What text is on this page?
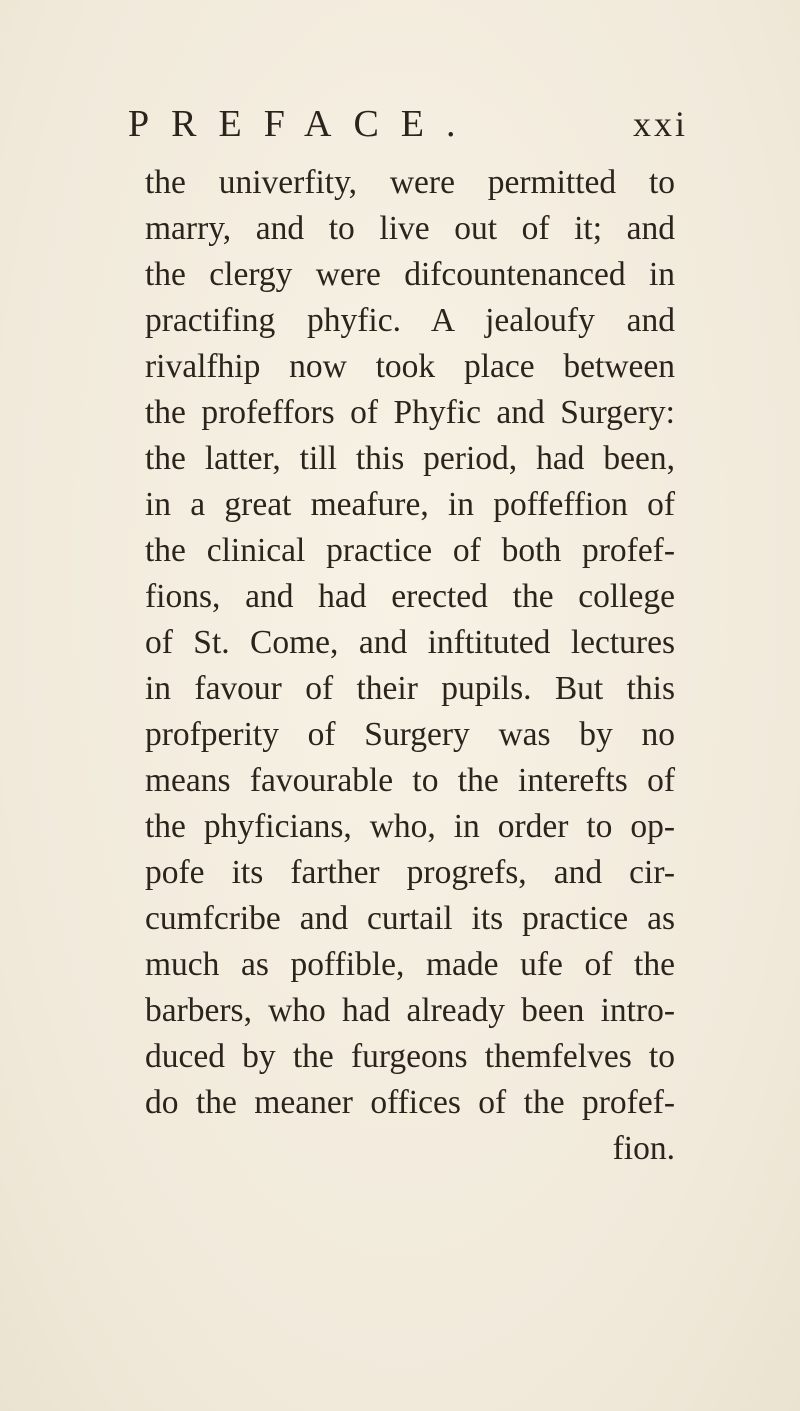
PREFACE.	xxi
the univerfity, were permitted to
marry, and to live out of it; and
the clergy were difcountenanced in
practifing phyfic. A jealoufy and
rivalfhip now took place between
the profeffors of Phyfic and Surgery:
the latter, till this period, had been,
in a great meafure, in poffeffion of
the clinical practice of both profef-
fions, and had erected the college
of St. Come, and inftituted lectures
in favour of their pupils. But this
profperity of Surgery was by no
means favourable to the interefts of
the phyficians, who, in order to op-
pofe its farther progrefs, and cir-
cumfcribe and curtail its practice as
much as poffible, made ufe of the
barbers, who had already been intro-
duced by the furgeons themfelves to
do the meaner offices of the profef-
fion.
